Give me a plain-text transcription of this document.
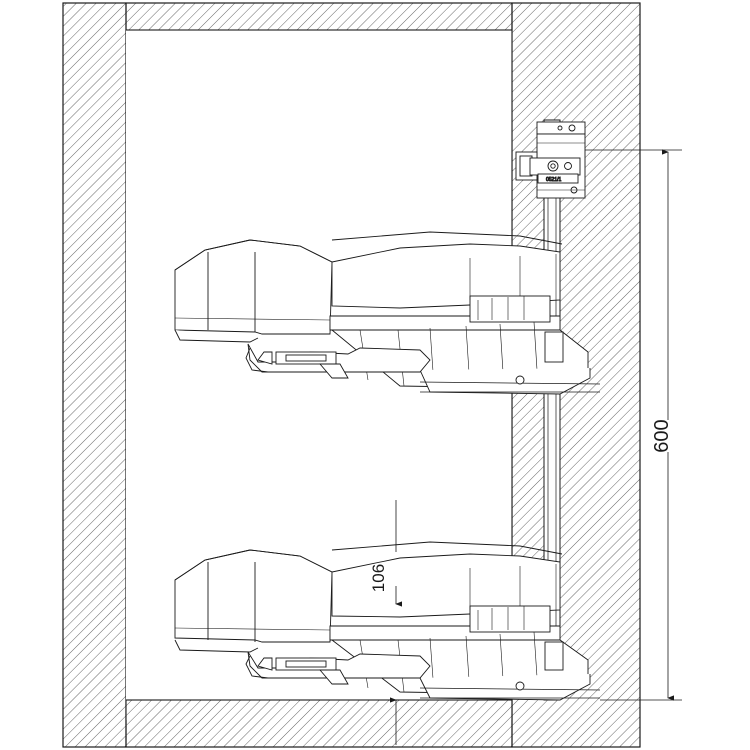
0521/1
600
106
